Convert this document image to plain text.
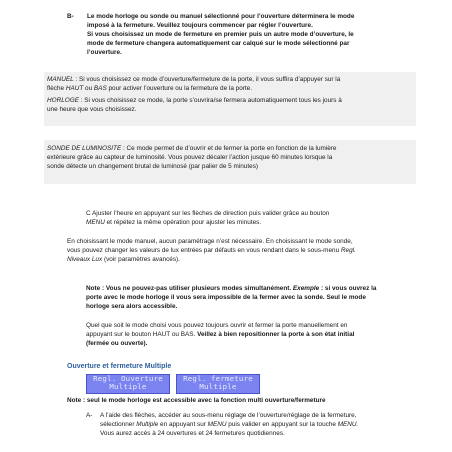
B- Le mode horloge ou sonde ou manuel sélectionné pour l’ouverture déterminera le mode
imposé à la fermeture. Veuillez toujours commencer par régler l’ouverture.
Si vous choisissez un mode de fermeture en premier puis un autre mode d’ouverture, le
mode de fermeture changera automatiquement car calqué sur le mode sélectionné par
l’ouverture.
MANUEL : Si vous choisissez ce mode d’ouverture/fermeture de la porte, il vous suffira d’appuyer sur la
flèche HAUT ou BAS pour activer l’ouverture ou la fermeture de la porte.
HORLOGE : Si vous choisissez ce mode, la porte s’ouvrira/se fermera automatiquement tous les jours à
une heure que vous choisissez.
SONDE DE LUMINOSITE : Ce mode permet de d’ouvrir et de fermer la porte en fonction de la lumière
extérieure grâce au capteur de luminosité. Vous pouvez décaler l’action jusque 60 minutes lorsque la
sonde détecte un changement brutal de luminosé (par palier de 5 minutes)
C Ajuster l’heure en appuyant sur les flèches de direction puis valider grâce au bouton
MENU et répétez la même opération pour ajuster les minutes.
En choisissant le mode manuel, aucun paramétrage n’est nécessaire. En choisissant le mode sonde,
vous pouvez changer les valeurs de lux entrées par défauts en vous rendant dans le sous-menu Regl.
Niveaux Lux (voir paramètres avancés).
Note : Vous ne pouvez-pas utiliser plusieurs modes simultanément. Exemple : si vous ouvrez la
porte avec le mode horloge il vous sera impossible de la fermer avec la sonde. Seul le mode
horloge sera alors accessible.
Quel que soit le mode choisi vous pouvez toujours ouvrir et fermer la porte manuellement en
appuyant sur le bouton HAUT ou BAS. Veillez à bien repositionner la porte à son état initial
(fermée ou ouverte).
Ouverture et fermeture Multiple
Regl. Ouverture
Multiple
Regl. fermeture
Multiple
Note : seul le mode horloge est accessible avec la fonction multi ouverture/fermeture
A- A l’aide des flèches, accéder au sous-menu réglage de l’ouverture/réglage de la fermeture,
sélectionner Multiple en appuyant sur MENU puis valider en appuyant sur la touche MENU.
Vous aurez accès à 24 ouvertures et 24 fermetures quotidiennes.
